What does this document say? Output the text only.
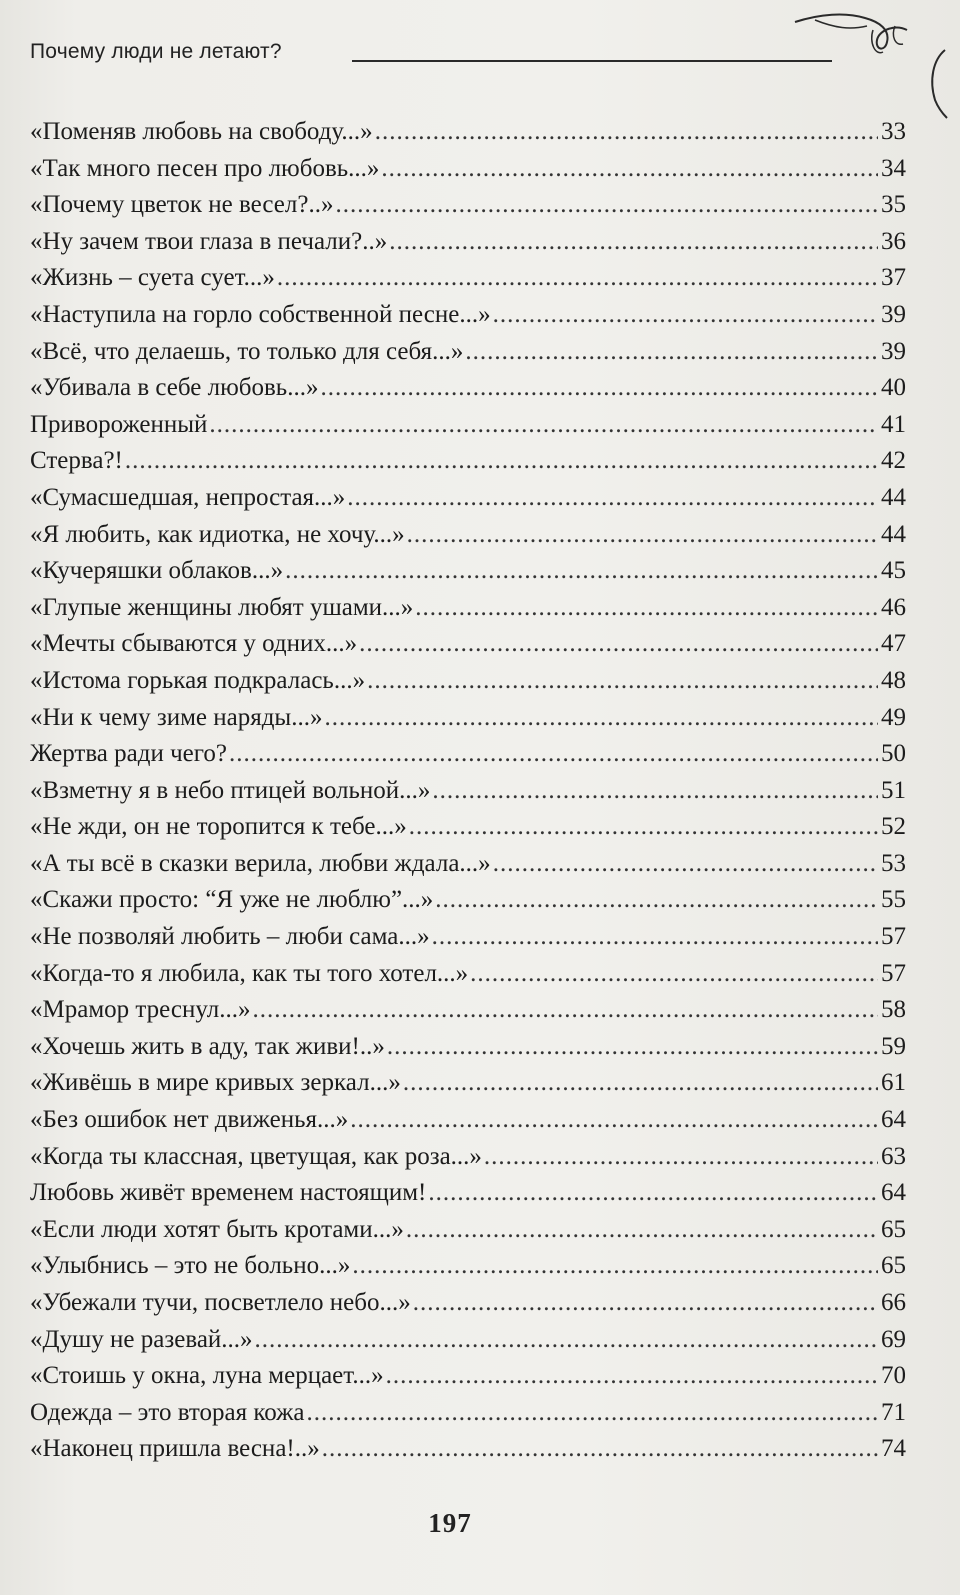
Почему люди не летают?
«Поменяв любовь на свободу...» .....	33
«Так много песен про любовь...» .....	34
«Почему цветок не весел?..» .....	35
«Ну зачем твои глаза в печали?..» .....	36
«Жизнь – суета сует...» .....	37
«Наступила на горло собственной песне...» .....	39
«Всё, что делаешь, то только для себя...» .....	39
«Убивала в себе любовь...» .....	40
Привороженный .....	41
Стерва?! .....	42
«Сумасшедшая, непростая...» .....	44
«Я любить, как идиотка, не хочу...» .....	44
«Кучеряшки облаков...» .....	45
«Глупые женщины любят ушами...» .....	46
«Мечты сбываются у одних...» .....	47
«Истома горькая подкралась...» .....	48
«Ни к чему зиме наряды...» .....	49
Жертва ради чего? .....	50
«Взметну я в небо птицей вольной...» .....	51
«Не жди, он не торопится к тебе...» .....	52
«А ты всё в сказки верила, любви ждала...» .....	53
«Скажи просто: “Я уже не люблю”...» .....	55
«Не позволяй любить – люби сама...» .....	57
«Когда-то я любила, как ты того хотел...» .....	57
«Мрамор треснул...» .....	58
«Хочешь жить в аду, так живи!..» .....	59
«Живёшь в мире кривых зеркал...» .....	61
«Без ошибок нет движенья...» .....	64
«Когда ты классная, цветущая, как роза...» .....	63
Любовь живёт временем настоящим! .....	64
«Если люди хотят быть кротами...» .....	65
«Улыбнись – это не больно...» .....	65
«Убежали тучи, посветлело небо...» .....	66
«Душу не разевай...» .....	69
«Стоишь у окна, луна мерцает...» .....	70
Одежда – это вторая кожа .....	71
«Наконец пришла весна!..» .....	74
197
